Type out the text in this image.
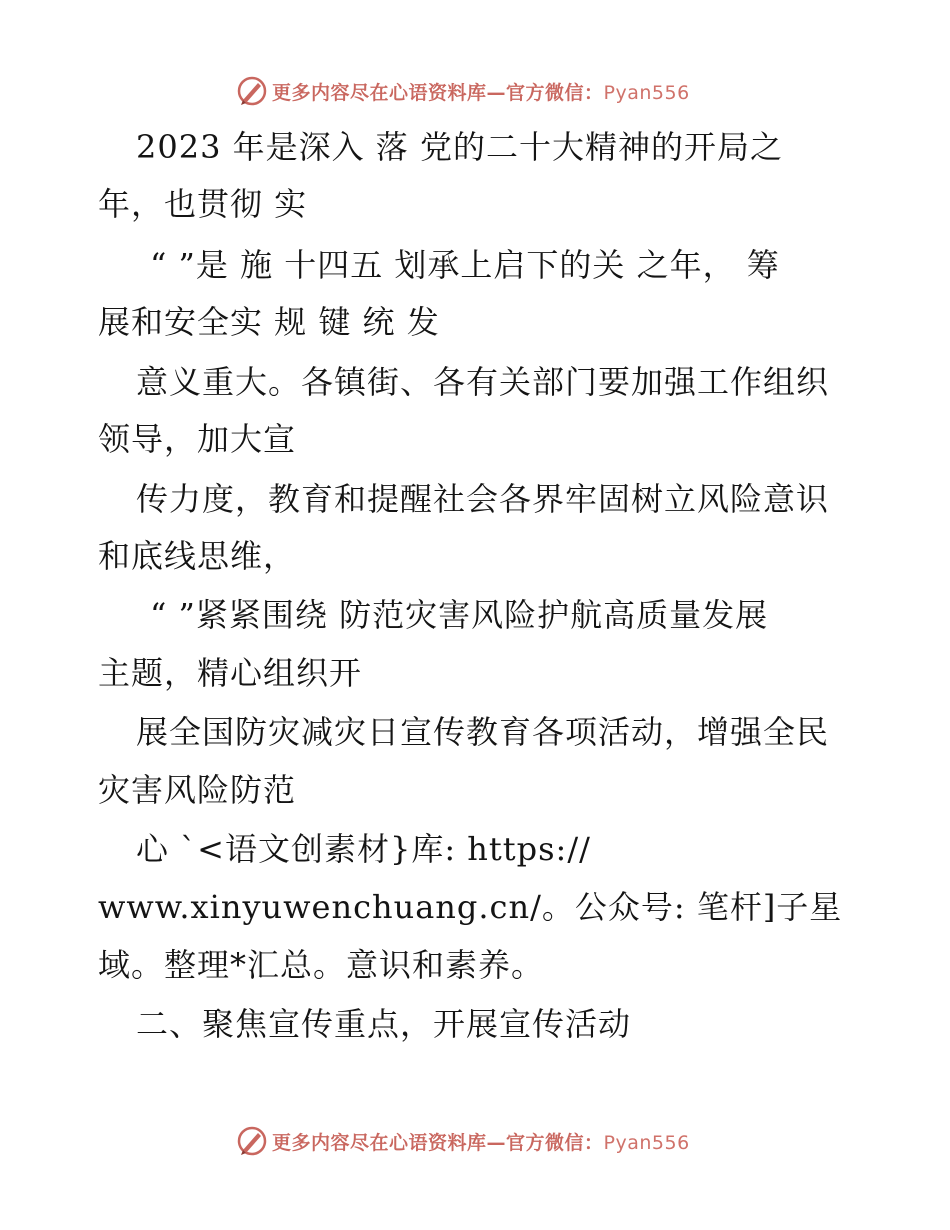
更多内容尽在心语资料库—官方微信：Pyan556
2023 年是深入 落 党的二十大精神的开局之
年，也贯彻 实
“ ”是 施 十四五 划承上启下的关 之年， 筹
展和安全实 规 键 统 发
意义重大。各镇街、各有关部门要加强工作组织
领导，加大宣
传力度，教育和提醒社会各界牢固树立风险意识
和底线思维，
“ ”紧紧围绕 防范灾害风险护航高质量发展
主题，精心组织开
展全国防灾减灾日宣传教育各项活动，增强全民
灾害风险防范
心 `<语文创素材}库: https://
www.xinyuwenchuang.cn/。公众号: 笔杆]子星
域。整理*汇总。意识和素养。
二、聚焦宣传重点，开展宣传活动
更多内容尽在心语资料库—官方微信：Pyan556
